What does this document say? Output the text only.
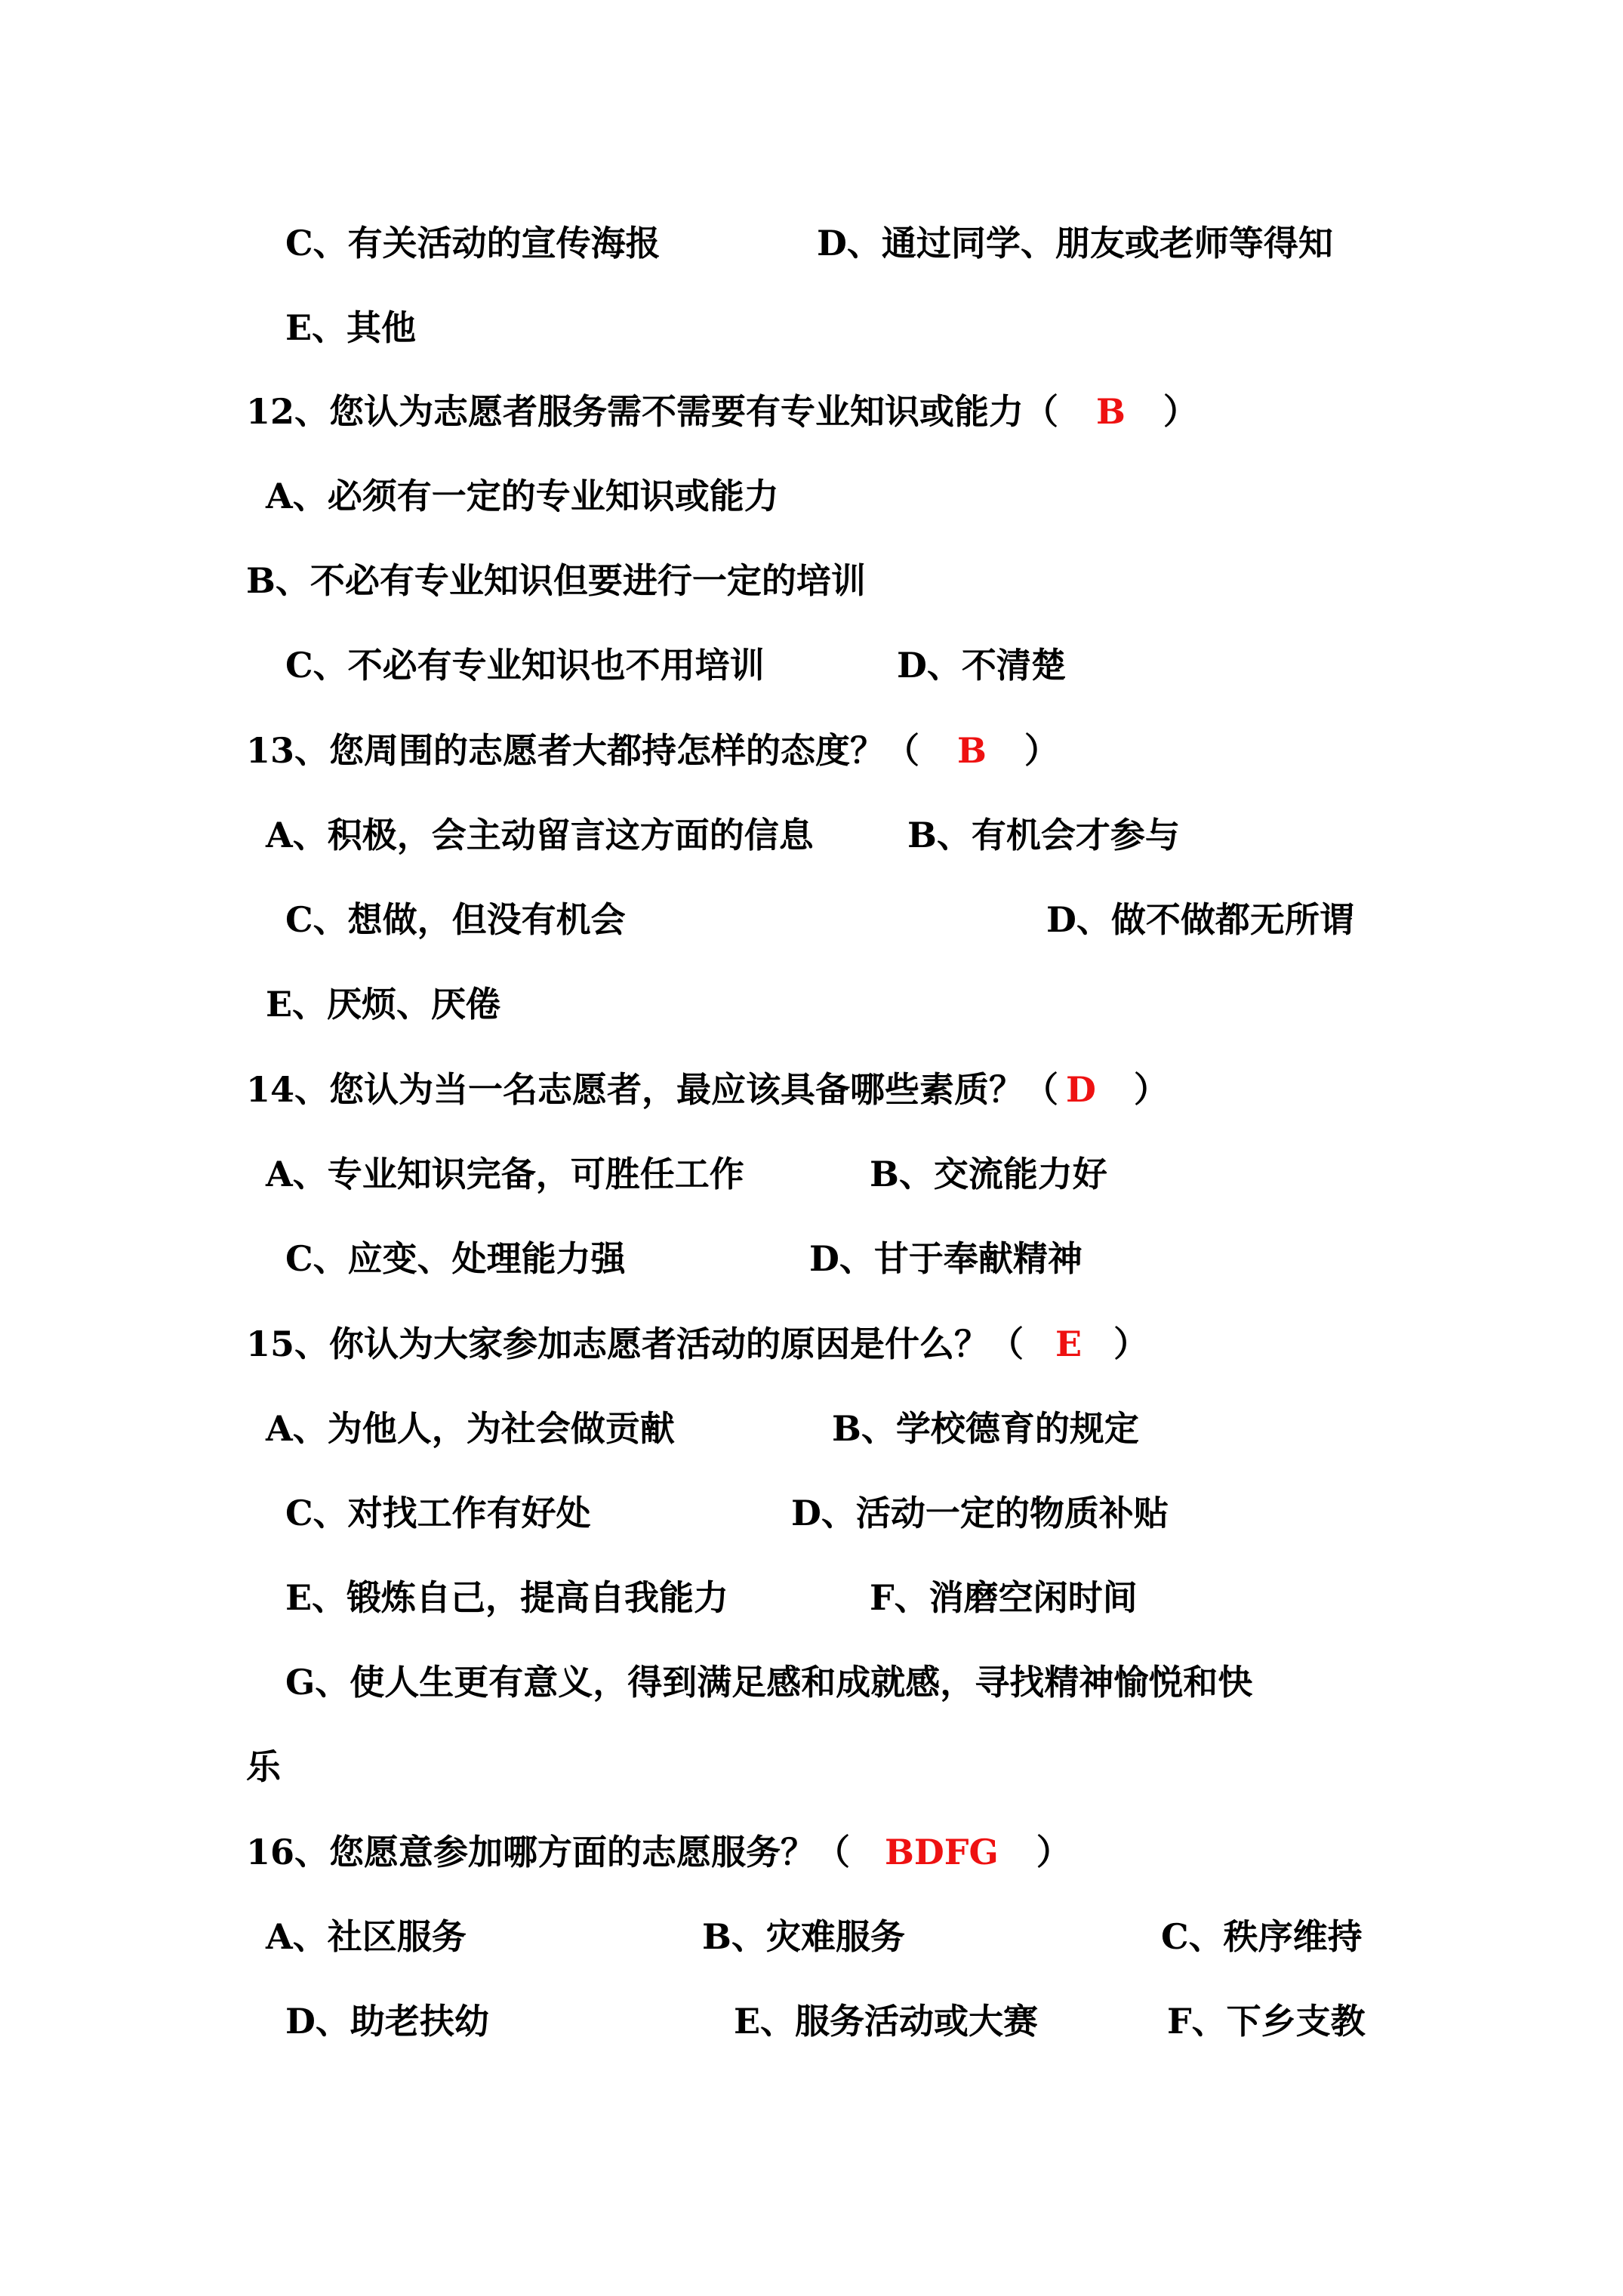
C、有关活动的宣传海报	D、通过同学、朋友或老师等得知
E、其他
12、您认为志愿者服务需不需要有专业知识或能力（ B ）
A、必须有一定的专业知识或能力
B、不必有专业知识但要进行一定的培训
C、不必有专业知识也不用培训	D、不清楚
13、您周围的志愿者大都持怎样的态度？（ B ）
A、积极，会主动留言这方面的信息	B、有机会才参与
C、想做，但没有机会	D、做不做都无所谓
E、厌烦、厌倦
14、您认为当一名志愿者，最应该具备哪些素质？（ D ）
A、专业知识完备，可胜任工作	B、交流能力好
C、应变、处理能力强	D、甘于奉献精神
15、你认为大家参加志愿者活动的原因是什么？（ E ）
A、为他人，为社会做贡献	B、学校德育的规定
C、对找工作有好处	D、活动一定的物质补贴
E、锻炼自己，提高自我能力	F、消磨空闲时间
G、使人生更有意义，得到满足感和成就感，寻找精神愉悦和快
乐
16、您愿意参加哪方面的志愿服务？（ BDFG ）
A、社区服务	B、灾难服务	C、秩序维持
D、助老扶幼	E、服务活动或大赛	F、下乡支教
